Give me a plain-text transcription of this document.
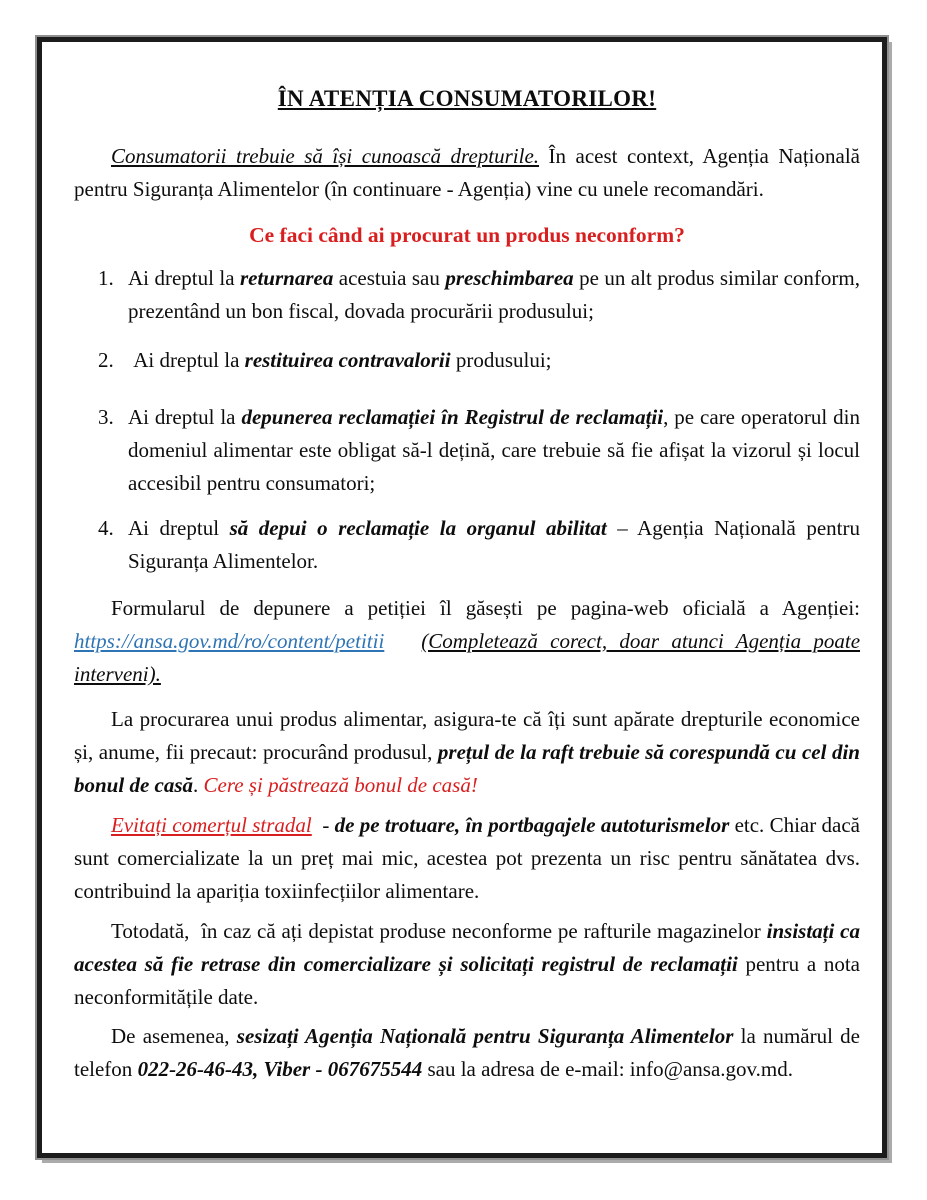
ÎN ATENȚIA CONSUMATORILOR!

Consumatorii trebuie să își cunoască drepturile. În acest context, Agenția Națională pentru Siguranța Alimentelor (în continuare - Agenția) vine cu unele recomandări.

Ce faci când ai procurat un produs neconform?
1. Ai dreptul la returnarea acestuia sau preschimbarea pe un alt produs similar conform, prezentând un bon fiscal, dovada procurării produsului;
2. Ai dreptul la restituirea contravalorii produsului;
3. Ai dreptul la depunerea reclamației în Registrul de reclamații, pe care operatorul din domeniul alimentar este obligat să-l dețină, care trebuie să fie afișat la vizorul și locul accesibil pentru consumatori;
4. Ai dreptul să depui o reclamație la organul abilitat – Agenția Națională pentru Siguranța Alimentelor.

Formularul de depunere a petiției îl găsești pe pagina-web oficială a Agenției: https://ansa.gov.md/ro/content/petitii (Completează corect, doar atunci Agenția poate interveni).

La procurarea unui produs alimentar, asigura-te că îți sunt apărate drepturile economice și, anume, fii precaut: procurând produsul, prețul de la raft trebuie să corespundă cu cel din bonul de casă. Cere și păstrează bonul de casă!

Evitați comerțul stradal  - de pe trotuare, în portbagajele autoturismelor etc. Chiar dacă sunt comercializate la un preț mai mic, acestea pot prezenta un risc pentru sănătatea dvs. contribuind la apariția toxiinfecțiilor alimentare.

Totodată,  în caz că ați depistat produse neconforme pe rafturile magazinelor insistați ca acestea să fie retrase din comercializare și solicitați registrul de reclamații pentru a nota neconformitățile date.

De asemenea, sesizați Agenția Națională pentru Siguranța Alimentelor la numărul de telefon 022-26-46-43, Viber - 067675544 sau la adresa de e-mail: info@ansa.gov.md.
